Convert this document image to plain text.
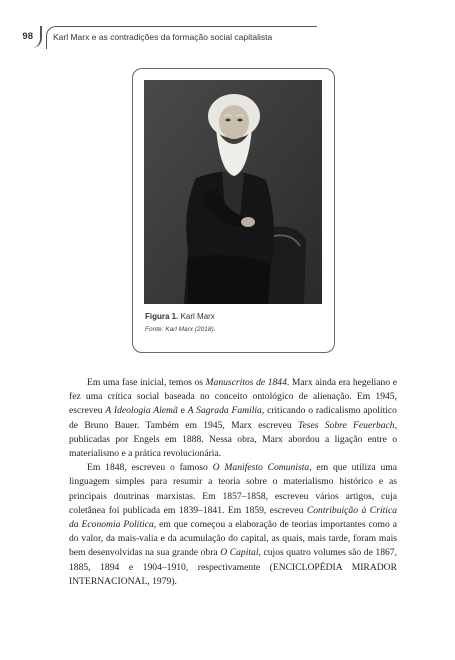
98 Karl Marx e as contradições da formação social capitalista
Figura 1. Karl Marx
Fonte: Karl Marx (2018).

Em uma fase inicial, temos os Manuscritos de 1844. Marx ainda era hegeliano e fez uma crítica social baseada no conceito ontológico de alienação. Em 1945, escreveu A Ideologia Alemã e A Sagrada Família, criticando o radicalismo apolítico de Bruno Bauer. Também em 1945, Marx escreveu Teses Sobre Feuerbach, publicadas por Engels em 1888. Nessa obra, Marx abordou a ligação entre o materialismo e a prática revolucionária.

Em 1848, escreveu o famoso O Manifesto Comunista, em que utiliza uma linguagem simples para resumir a teoria sobre o materialismo histórico e as principais doutrinas marxistas. Em 1857–1858, escreveu vários artigos, cuja coletânea foi publicada em 1839–1841. Em 1859, escreveu Contribuição à Crítica da Economia Política, em que começou a elaboração de teorias importantes como a do valor, da mais-valia e da acumulação do capital, as quais, mais tarde, foram mais bem desenvolvidas na sua grande obra O Capital, cujos quatro volumes são de 1867, 1885, 1894 e 1904–1910, respectivamente (ENCICLOPÉDIA MIRADOR INTERNACIONAL, 1979).
